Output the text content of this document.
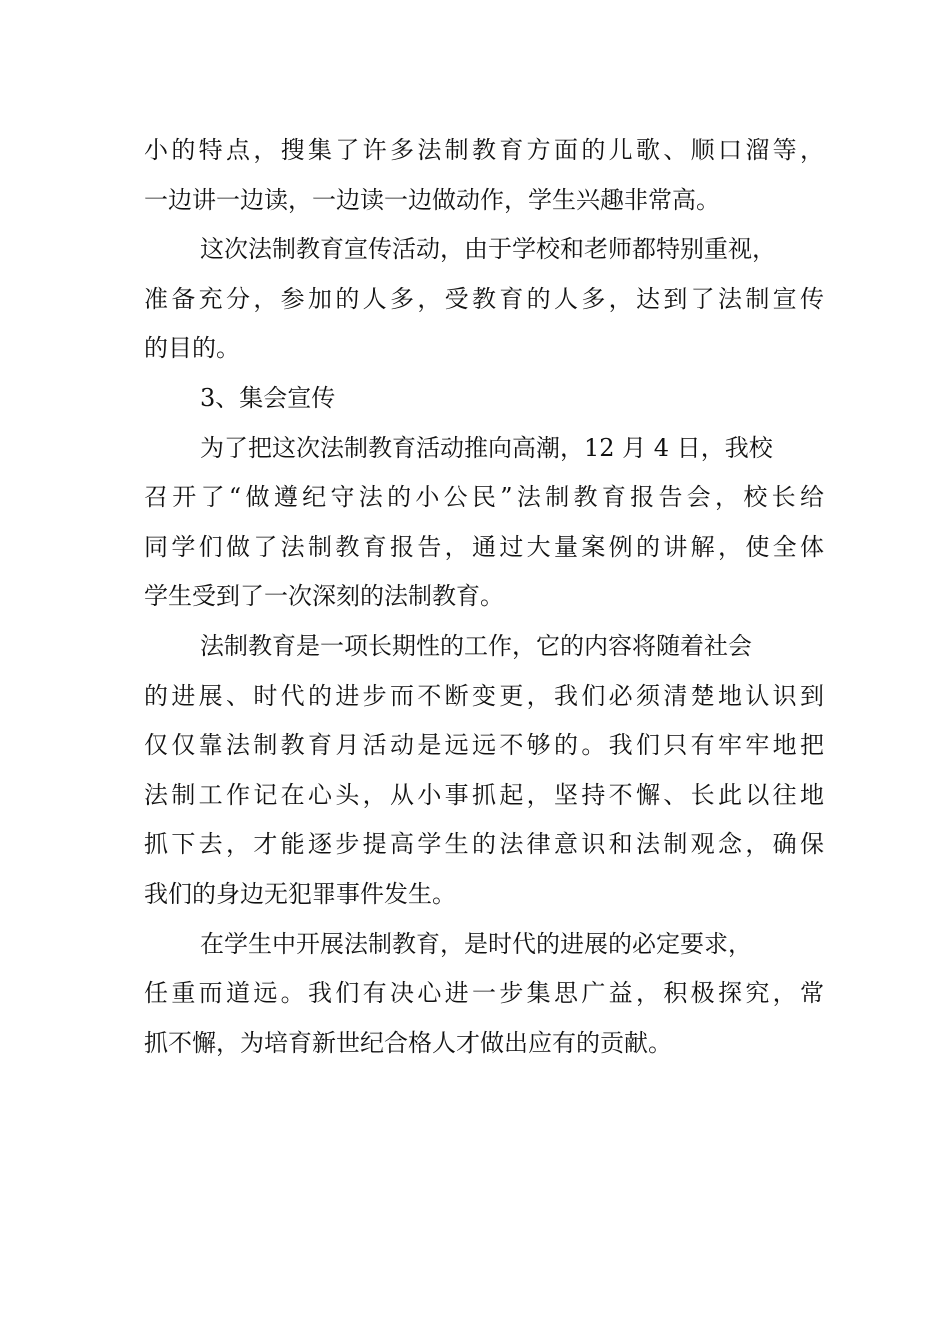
小的特点，搜集了许多法制教育方面的儿歌、顺口溜等，
一边讲一边读，一边读一边做动作，学生兴趣非常高。
这次法制教育宣传活动，由于学校和老师都特别重视，
准备充分，参加的人多，受教育的人多，达到了法制宣传
的目的。
3、集会宣传
为了把这次法制教育活动推向高潮，12 月 4 日，我校
召开了“做遵纪守法的小公民”法制教育报告会，校长给
同学们做了法制教育报告，通过大量案例的讲解，使全体
学生受到了一次深刻的法制教育。
法制教育是一项长期性的工作，它的内容将随着社会
的进展、时代的进步而不断变更，我们必须清楚地认识到
仅仅靠法制教育月活动是远远不够的。我们只有牢牢地把
法制工作记在心头，从小事抓起，坚持不懈、长此以往地
抓下去，才能逐步提高学生的法律意识和法制观念，确保
我们的身边无犯罪事件发生。
在学生中开展法制教育，是时代的进展的必定要求，
任重而道远。我们有决心进一步集思广益，积极探究，常
抓不懈，为培育新世纪合格人才做出应有的贡献。
